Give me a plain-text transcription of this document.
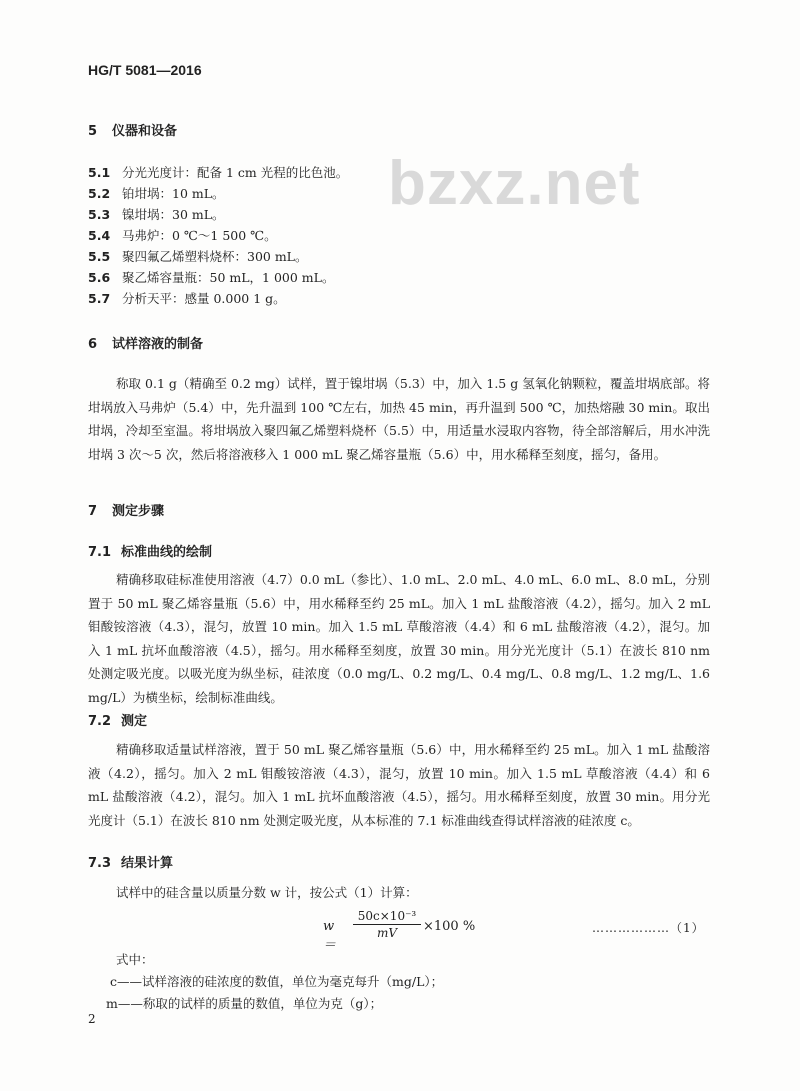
HG/T 5081—2016
bzxz.net
5 仪器和设备
5.1 分光光度计：配备 1 cm 光程的比色池。
5.2 铂坩埚：10 mL。
5.3 镍坩埚：30 mL。
5.4 马弗炉：0 ℃～1 500 ℃。
5.5 聚四氟乙烯塑料烧杯：300 mL。
5.6 聚乙烯容量瓶：50 mL，1 000 mL。
5.7 分析天平：感量 0.000 1 g。
6 试样溶液的制备
称取 0.1 g（精确至 0.2 mg）试样，置于镍坩埚（5.3）中，加入 1.5 g 氢氧化钠颗粒，覆盖坩埚底部。将坩埚放入马弗炉（5.4）中，先升温到 100 ℃左右，加热 45 min，再升温到 500 ℃，加热熔融 30 min。取出坩埚，冷却至室温。将坩埚放入聚四氟乙烯塑料烧杯（5.5）中，用适量水浸取内容物，待全部溶解后，用水冲洗坩埚 3 次～5 次，然后将溶液移入 1 000 mL 聚乙烯容量瓶（5.6）中，用水稀释至刻度，摇匀，备用。
7 测定步骤
7.1 标准曲线的绘制
精确移取硅标准使用溶液（4.7）0.0 mL（参比）、1.0 mL、2.0 mL、4.0 mL、6.0 mL、8.0 mL，分别置于 50 mL 聚乙烯容量瓶（5.6）中，用水稀释至约 25 mL。加入 1 mL 盐酸溶液（4.2），摇匀。加入 2 mL 钼酸铵溶液（4.3），混匀，放置 10 min。加入 1.5 mL 草酸溶液（4.4）和 6 mL 盐酸溶液（4.2），混匀。加入 1 mL 抗坏血酸溶液（4.5），摇匀。用水稀释至刻度，放置 30 min。用分光光度计（5.1）在波长 810 nm 处测定吸光度。以吸光度为纵坐标，硅浓度（0.0 mg/L、0.2 mg/L、0.4 mg/L、0.8 mg/L、1.2 mg/L、1.6 mg/L）为横坐标，绘制标准曲线。
7.2 测定
精确移取适量试样溶液，置于 50 mL 聚乙烯容量瓶（5.6）中，用水稀释至约 25 mL。加入 1 mL 盐酸溶液（4.2），摇匀。加入 2 mL 钼酸铵溶液（4.3），混匀，放置 10 min。加入 1.5 mL 草酸溶液（4.4）和 6 mL 盐酸溶液（4.2），混匀。加入 1 mL 抗坏血酸溶液（4.5），摇匀。用水稀释至刻度，放置 30 min。用分光光度计（5.1）在波长 810 nm 处测定吸光度，从本标准的 7.1 标准曲线查得试样溶液的硅浓度 c。
7.3 结果计算
试样中的硅含量以质量分数 w 计，按公式（1）计算：
w＝
50c×10⁻³
mV	×100 %	………………（1）
式中：
c——试样溶液的硅浓度的数值，单位为毫克每升（mg/L）；
m——称取的试样的质量的数值，单位为克（g）；
2
